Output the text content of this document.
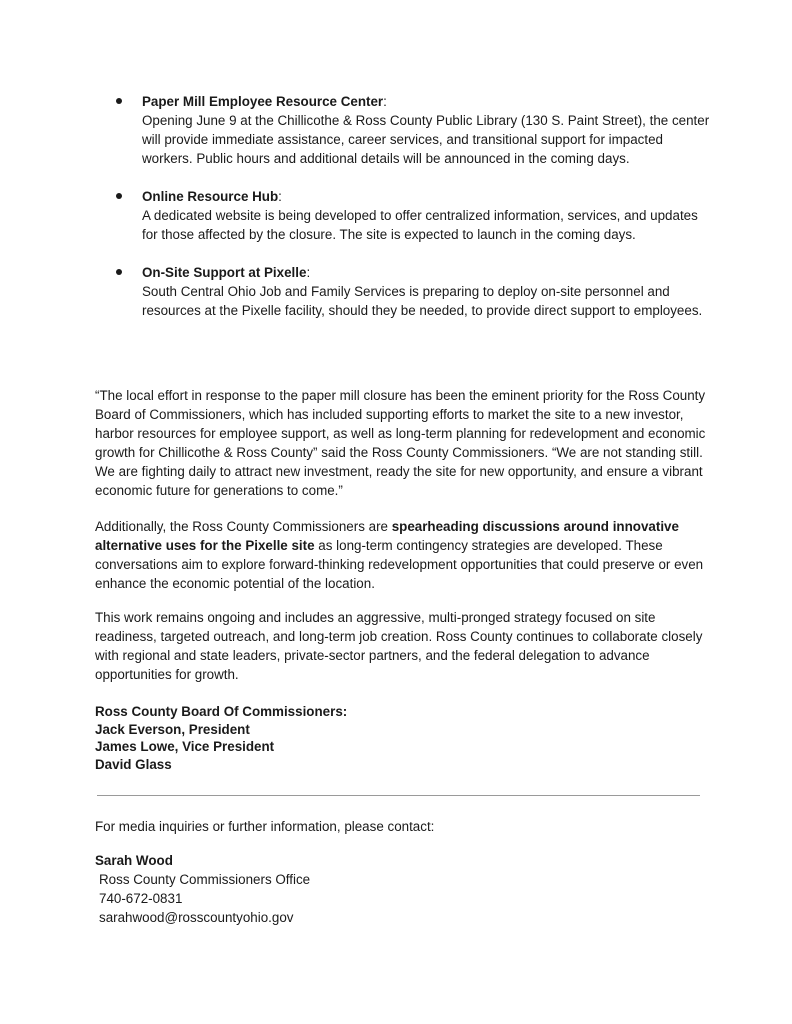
Paper Mill Employee Resource Center:
Opening June 9 at the Chillicothe & Ross County Public Library (130 S. Paint Street), the center will provide immediate assistance, career services, and transitional support for impacted workers. Public hours and additional details will be announced in the coming days.
Online Resource Hub:
A dedicated website is being developed to offer centralized information, services, and updates for those affected by the closure. The site is expected to launch in the coming days.
On-Site Support at Pixelle:
South Central Ohio Job and Family Services is preparing to deploy on-site personnel and resources at the Pixelle facility, should they be needed, to provide direct support to employees.

“The local effort in response to the paper mill closure has been the eminent priority for the Ross County Board of Commissioners, which has included supporting efforts to market the site to a new investor, harbor resources for employee support, as well as long-term planning for redevelopment and economic growth for Chillicothe & Ross County” said the Ross County Commissioners. “We are not standing still. We are fighting daily to attract new investment, ready the site for new opportunity, and ensure a vibrant economic future for generations to come.”

Additionally, the Ross County Commissioners are spearheading discussions around innovative alternative uses for the Pixelle site as long-term contingency strategies are developed. These conversations aim to explore forward-thinking redevelopment opportunities that could preserve or even enhance the economic potential of the location.

This work remains ongoing and includes an aggressive, multi-pronged strategy focused on site readiness, targeted outreach, and long-term job creation. Ross County continues to collaborate closely with regional and state leaders, private-sector partners, and the federal delegation to advance opportunities for growth.

Ross County Board Of Commissioners:
Jack Everson, President
James Lowe, Vice President
David Glass
For media inquiries or further information, please contact:
Sarah Wood
Ross County Commissioners Office
740-672-0831
sarahwood@rosscountyohio.gov
